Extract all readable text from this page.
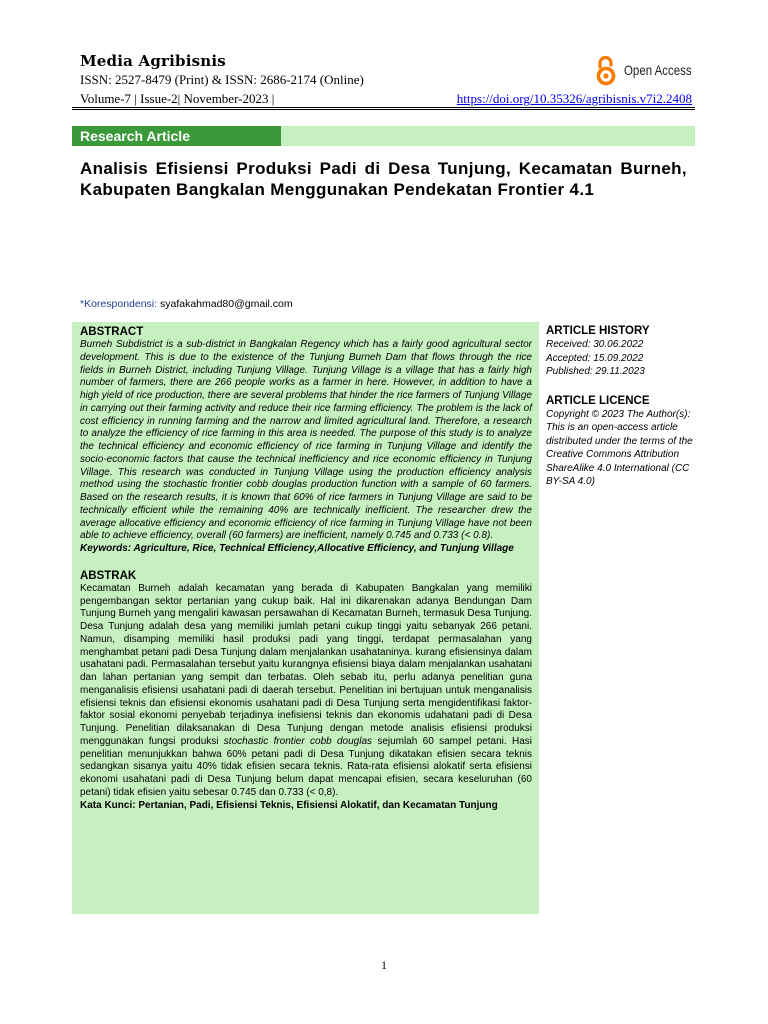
Media Agribisnis
ISSN: 2527-8479 (Print) & ISSN: 2686-2174 (Online)
Open Access
Volume-7 | Issue-2| November-2023 |	https://doi.org/10.35326/agribisnis.v7i2.2408
Research Article
Analisis Efisiensi Produksi Padi di Desa Tunjung, Kecamatan Burneh, Kabupaten Bangkalan Menggunakan Pendekatan Frontier 4.1
*Korespondensi: syafakahmad80@gmail.com

ABSTRACT

Burneh Subdistrict is a sub-district in Bangkalan Regency which has a fairly good agricultural sector development. This is due to the existence of the Tunjung Burneh Dam that flows through the rice fields in Burneh District, including Tunjung Village. Tunjung Village is a village that has a fairly high number of farmers, there are 266 people works as a farmer in here. However, in addition to have a high yield of rice production, there are several problems that hinder the rice farmers of Tunjung Village in carrying out their farming activity and reduce their rice farming efficiency. The problem is the lack of cost efficiency in running farming and the narrow and limited agricultural land. Therefore, a research to analyze the efficiency of rice farming in this area is needed. The purpose of this study is to analyze the technical efficiency and economic efficiency of rice farming in Tunjung Village and identify the socio-economic factors that cause the technical inefficiency and rice economic efficiency in Tunjung Village. This research was conducted in Tunjung Village using the production efficiency analysis method using the stochastic frontier cobb douglas production function with a sample of 60 farmers. Based on the research results, it is known that 60% of rice farmers in Tunjung Village are said to be technically efficient while the remaining 40% are technically inefficient. The researcher drew the average allocative efficiency and economic efficiency of rice farming in Tunjung Village have not been able to achieve efficiency, overall (60 farmers) are inefficient, namely 0.745 and 0.733 (< 0.8).

Keywords: Agriculture, Rice, Technical Efficiency,Allocative Efficiency, and Tunjung Village

ABSTRAK

Kecamatan Burneh adalah kecamatan yang berada di Kabupaten Bangkalan yang memiliki pengembangan sektor pertanian yang cukup baik. Hal ini dikarenakan adanya Bendungan Dam Tunjung Burneh yang mengaliri kawasan persawahan di Kecamatan Burneh, termasuk Desa Tunjung. Desa Tunjung adalah desa yang memiliki jumlah petani cukup tinggi yaitu sebanyak 266 petani. Namun, disamping memiliki hasil produksi padi yang tinggi, terdapat permasalahan yang menghambat petani padi Desa Tunjung dalam menjalankan usahataninya. kurang efisiensinya dalam usahatani padi. Permasalahan tersebut yaitu kurangnya efisiensi biaya dalam menjalankan usahatani dan lahan pertanian yang sempit dan terbatas. Oleh sebab itu, perlu adanya penelitian guna menganalisis efisiensi usahatani padi di daerah tersebut. Penelitian ini bertujuan untuk menganalisis efisiensi teknis dan efisiensi ekonomis usahatani padi di Desa Tunjung serta mengidentifikasi faktor-faktor sosial ekonomi penyebab terjadinya inefisiensi teknis dan ekonomis udahatani padi di Desa Tunjung. Penelitian dilaksanakan di Desa Tunjung dengan metode analisis efisiensi produksi menggunakan fungsi produksi stochastic frontier cobb douglas sejumlah 60 sampel petani. Hasi penelitian menunjukkan bahwa 60% petani padi di Desa Tunjung dikatakan efisien secara teknis sedangkan sisanya yaitu 40% tidak efisien secara teknis. Rata-rata efisiensi alokatif serta efisiensi ekonomi usahatani padi di Desa Tunjung belum dapat mencapai efisien, secara keseluruhan (60 petani) tidak efisien yaitu sebesar 0.745 dan 0.733 (< 0,8).

Kata Kunci: Pertanian, Padi, Efisiensi Teknis, Efisiensi Alokatif, dan Kecamatan Tunjung

ARTICLE HISTORY

Received: 30.06.2022

Accepted: 15.09.2022

Published: 29.11.2023

ARTICLE LICENCE

Copyright © 2023 The Author(s): This is an open-access article distributed under the terms of the Creative Commons Attribution ShareAlike 4.0 International (CC BY-SA 4.0)

1
